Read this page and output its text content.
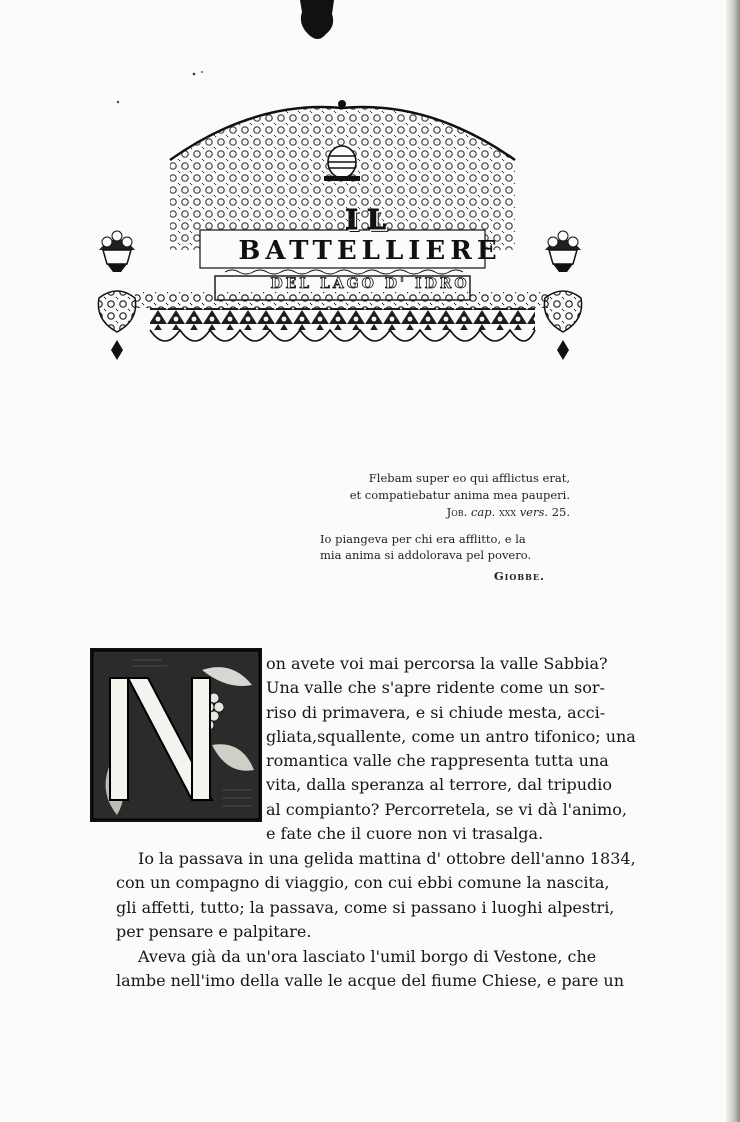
IL
BATTELLIERE
DEL LAGO D' IDRO

Flebam super eo qui afflictus erat,

et compatiebatur anima mea pauperi.

Job. cap. xxx vers. 25.

Io piangeva per chi era afflitto, e la

mia anima si addolorava pel povero.

Giobbe.

on avete voi mai percorsa la valle Sabbia?
Una valle che s'apre ridente come un sor-
riso di primavera, e si chiude mesta, acci-
gliata,squallente, come un antro tifonico; una
romantica valle che rappresenta tutta una
vita, dalla speranza al terrore, dal tripudio
al compianto? Percorretela, se vi dà l'animo,
e fate che il cuore non vi trasalga.
Io la passava in una gelida mattina d' ottobre dell'anno 1834,
con un compagno di viaggio, con cui ebbi comune la nascita,
gli affetti, tutto; la passava, come si passano i luoghi alpestri,
per pensare e palpitare.
Aveva già da un'ora lasciato l'umil borgo di Vestone, che
lambe nell'imo della valle le acque del fiume Chiese, e pare un
